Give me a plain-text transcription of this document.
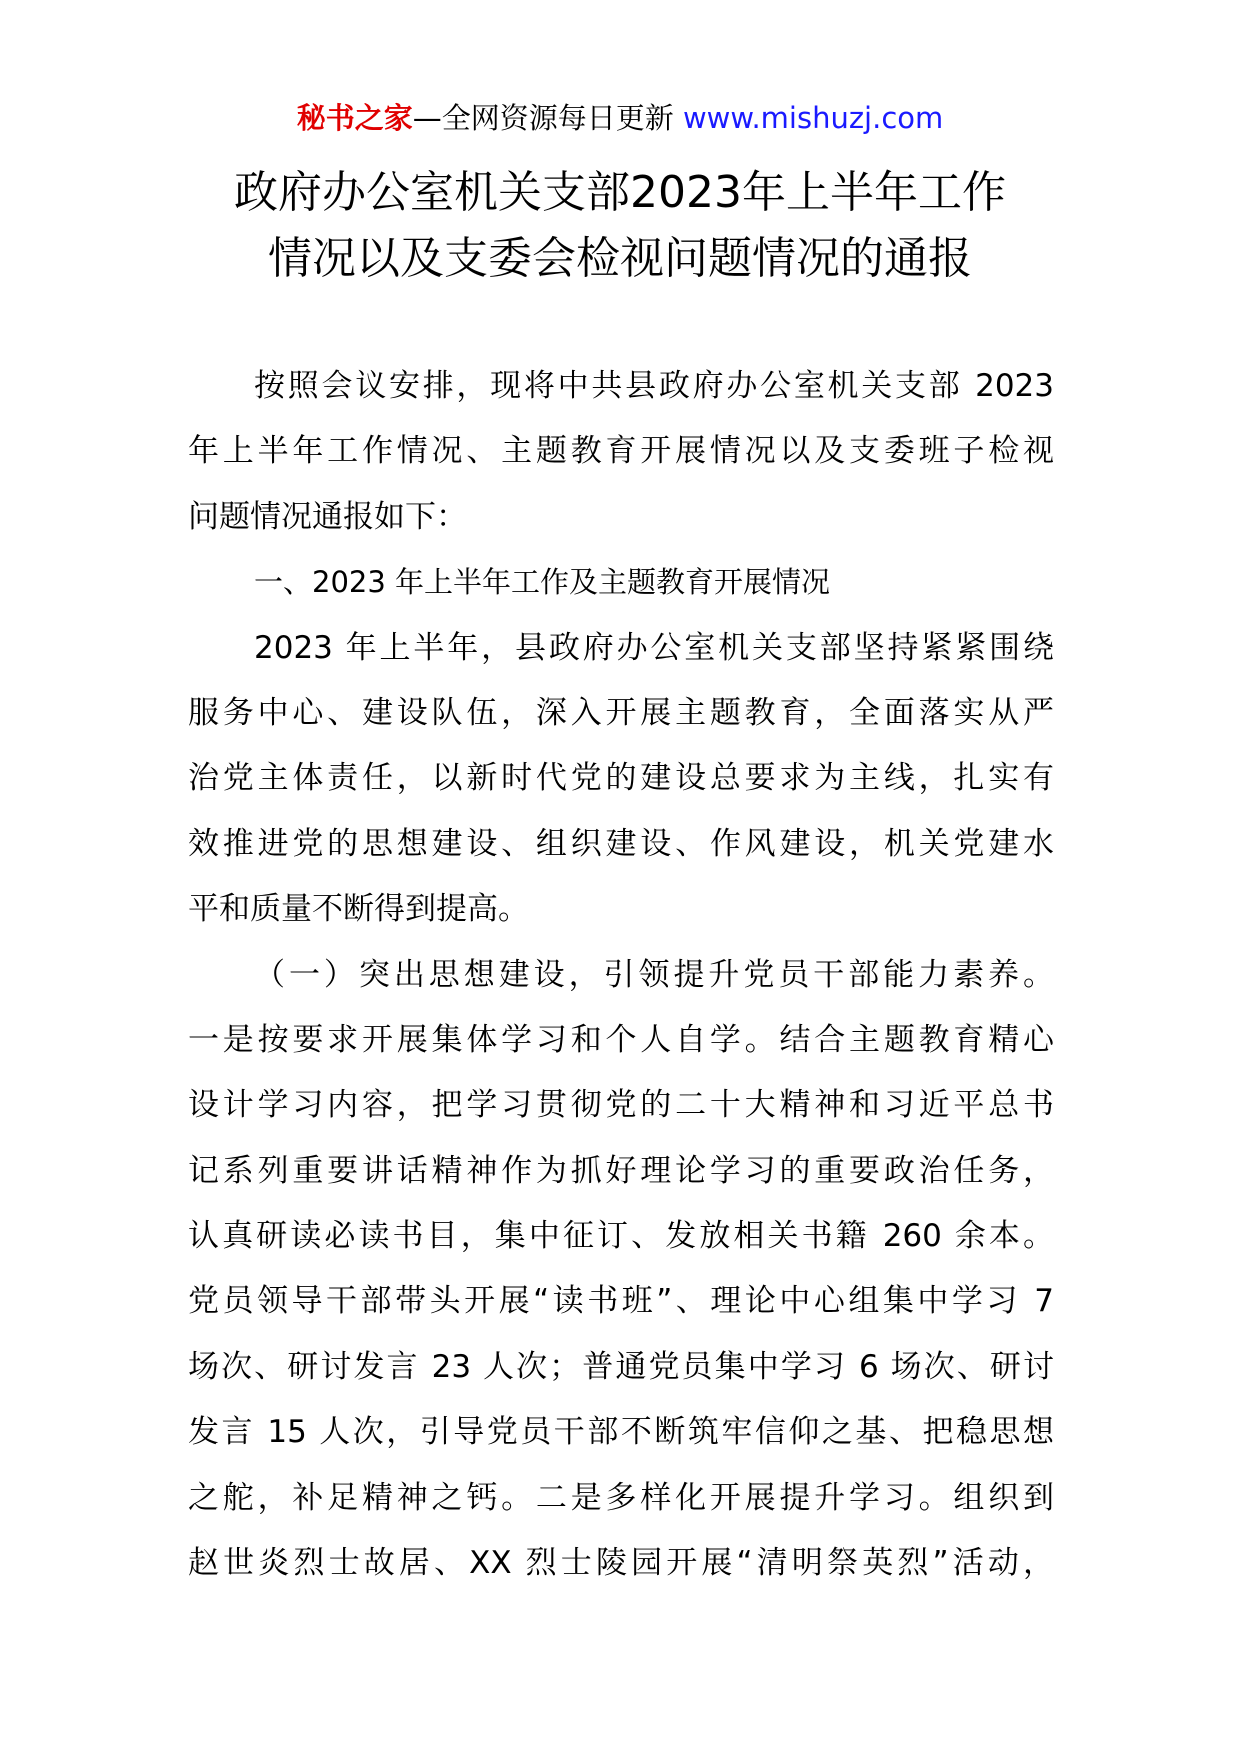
秘书之家—全网资源每日更新 www.mishuzj.com
政府办公室机关支部2023年上半年工作
情况以及支委会检视问题情况的通报
按照会议安排，现将中共县政府办公室机关支部 2023
年上半年工作情况、主题教育开展情况以及支委班子检视
问题情况通报如下：
一、2023 年上半年工作及主题教育开展情况
2023 年上半年，县政府办公室机关支部坚持紧紧围绕
服务中心、建设队伍，深入开展主题教育，全面落实从严
治党主体责任，以新时代党的建设总要求为主线，扎实有
效推进党的思想建设、组织建设、作风建设，机关党建水
平和质量不断得到提高。
（一）突出思想建设，引领提升党员干部能力素养。
一是按要求开展集体学习和个人自学。结合主题教育精心
设计学习内容，把学习贯彻党的二十大精神和习近平总书
记系列重要讲话精神作为抓好理论学习的重要政治任务，
认真研读必读书目，集中征订、发放相关书籍 260 余本。
党员领导干部带头开展“读书班”、理论中心组集中学习 7
场次、研讨发言 23 人次；普通党员集中学习 6 场次、研讨
发言 15 人次，引导党员干部不断筑牢信仰之基、把稳思想
之舵，补足精神之钙。二是多样化开展提升学习。组织到
赵世炎烈士故居、XX 烈士陵园开展“清明祭英烈”活动，
